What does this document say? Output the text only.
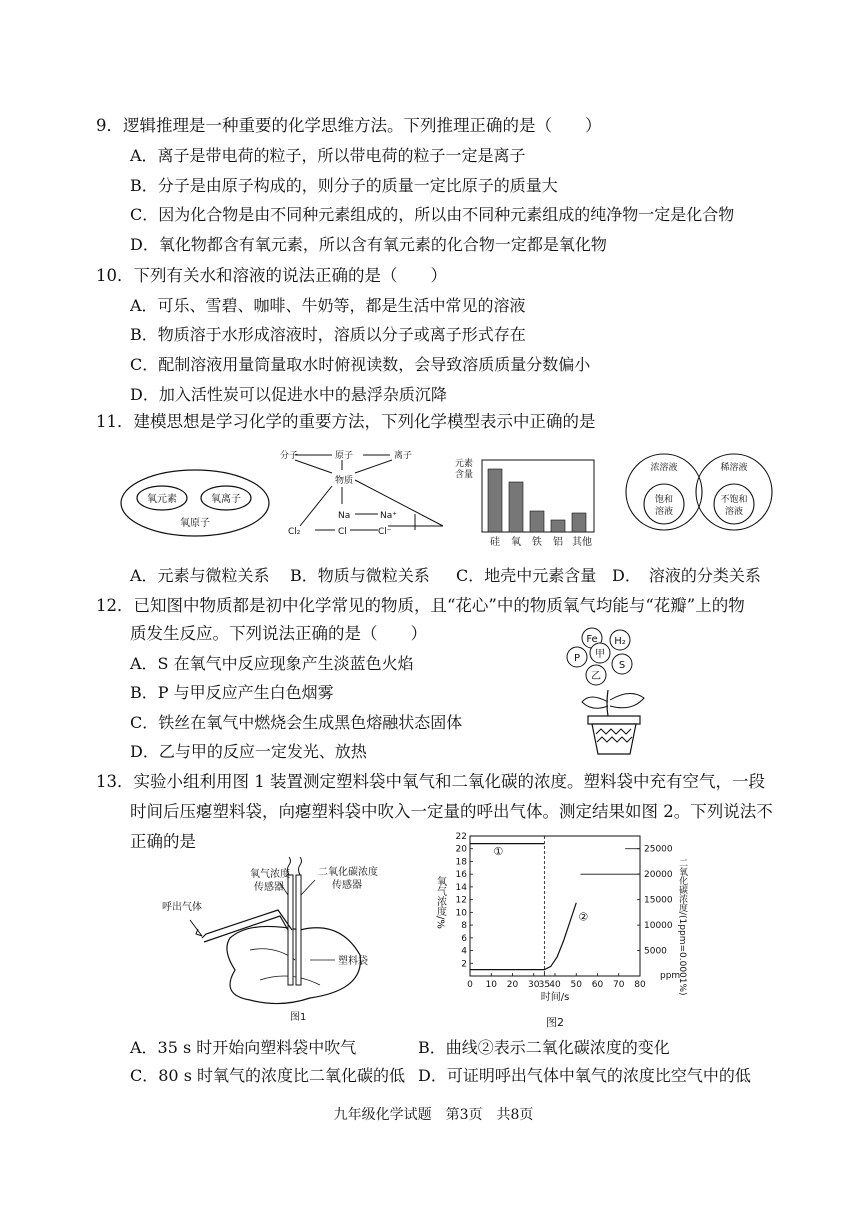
9．逻辑推理是一种重要的化学思维方法。下列推理正确的是（　　）
A．离子是带电荷的粒子，所以带电荷的粒子一定是离子
B．分子是由原子构成的，则分子的质量一定比原子的质量大
C．因为化合物是由不同种元素组成的，所以由不同种元素组成的纯净物一定是化合物
D．氧化物都含有氧元素，所以含有氧元素的化合物一定都是氧化物
10．下列有关水和溶液的说法正确的是（　　）
A．可乐、雪碧、咖啡、牛奶等，都是生活中常见的溶液
B．物质溶于水形成溶液时，溶质以分子或离子形式存在
C．配制溶液用量筒量取水时俯视读数，会导致溶质质量分数偏小
D．加入活性炭可以促进水中的悬浮杂质沉降
11．建模思想是学习化学的重要方法，下列化学模型表示中正确的是
氧元素	氧离子
氧原子
分子	原子	离子
物质
Na	Na⁺
Cl₂	Cl	Cl⁻
元素
含量
硅 氧 铁 铝 其他
浓溶液
饱和
溶液
稀溶液
不饱和
溶液
A．元素与微粒关系 B．物质与微粒关系 C．地壳中元素含量 D．　溶液的分类关系
12．已知图中物质都是初中化学常见的物质，且“花心”中的物质氧气均能与“花瓣”上的物
质发生反应。下列说法正确的是（　　）
A．S 在氧气中反应现象产生淡蓝色火焰
B．P 与甲反应产生白色烟雾
C．铁丝在氧气中燃烧会生成黑色熔融状态固体
D．乙与甲的反应一定发光、放热
Fe H₂
P 甲
S
乙
13．实验小组利用图 1 装置测定塑料袋中氧气和二氧化碳的浓度。塑料袋中充有空气，一段
时间后压瘪塑料袋，向瘪塑料袋中吹入一定量的呼出气体。测定结果如图 2。下列说法不
正确的是
氧气浓度
传感器
二氧化碳浓度
传感器
呼出气体
塑料袋
图1
0 10 20 30 35 40 50 60 70 80
2
4
6
8
10
12
14
16
18
20
22
5000
10000
15000
20000
25000
①
②
氧气浓度/%	二氧化碳浓度/(1ppm=0.0001%)
ppm
时间/s
图2
A．35 s 时开始向塑料袋中吹气	B．曲线②表示二氧化碳浓度的变化
C．80 s 时氧气的浓度比二氧化碳的低 D．可证明呼出气体中氧气的浓度比空气中的低
九年级化学试题　第3页　共8页
